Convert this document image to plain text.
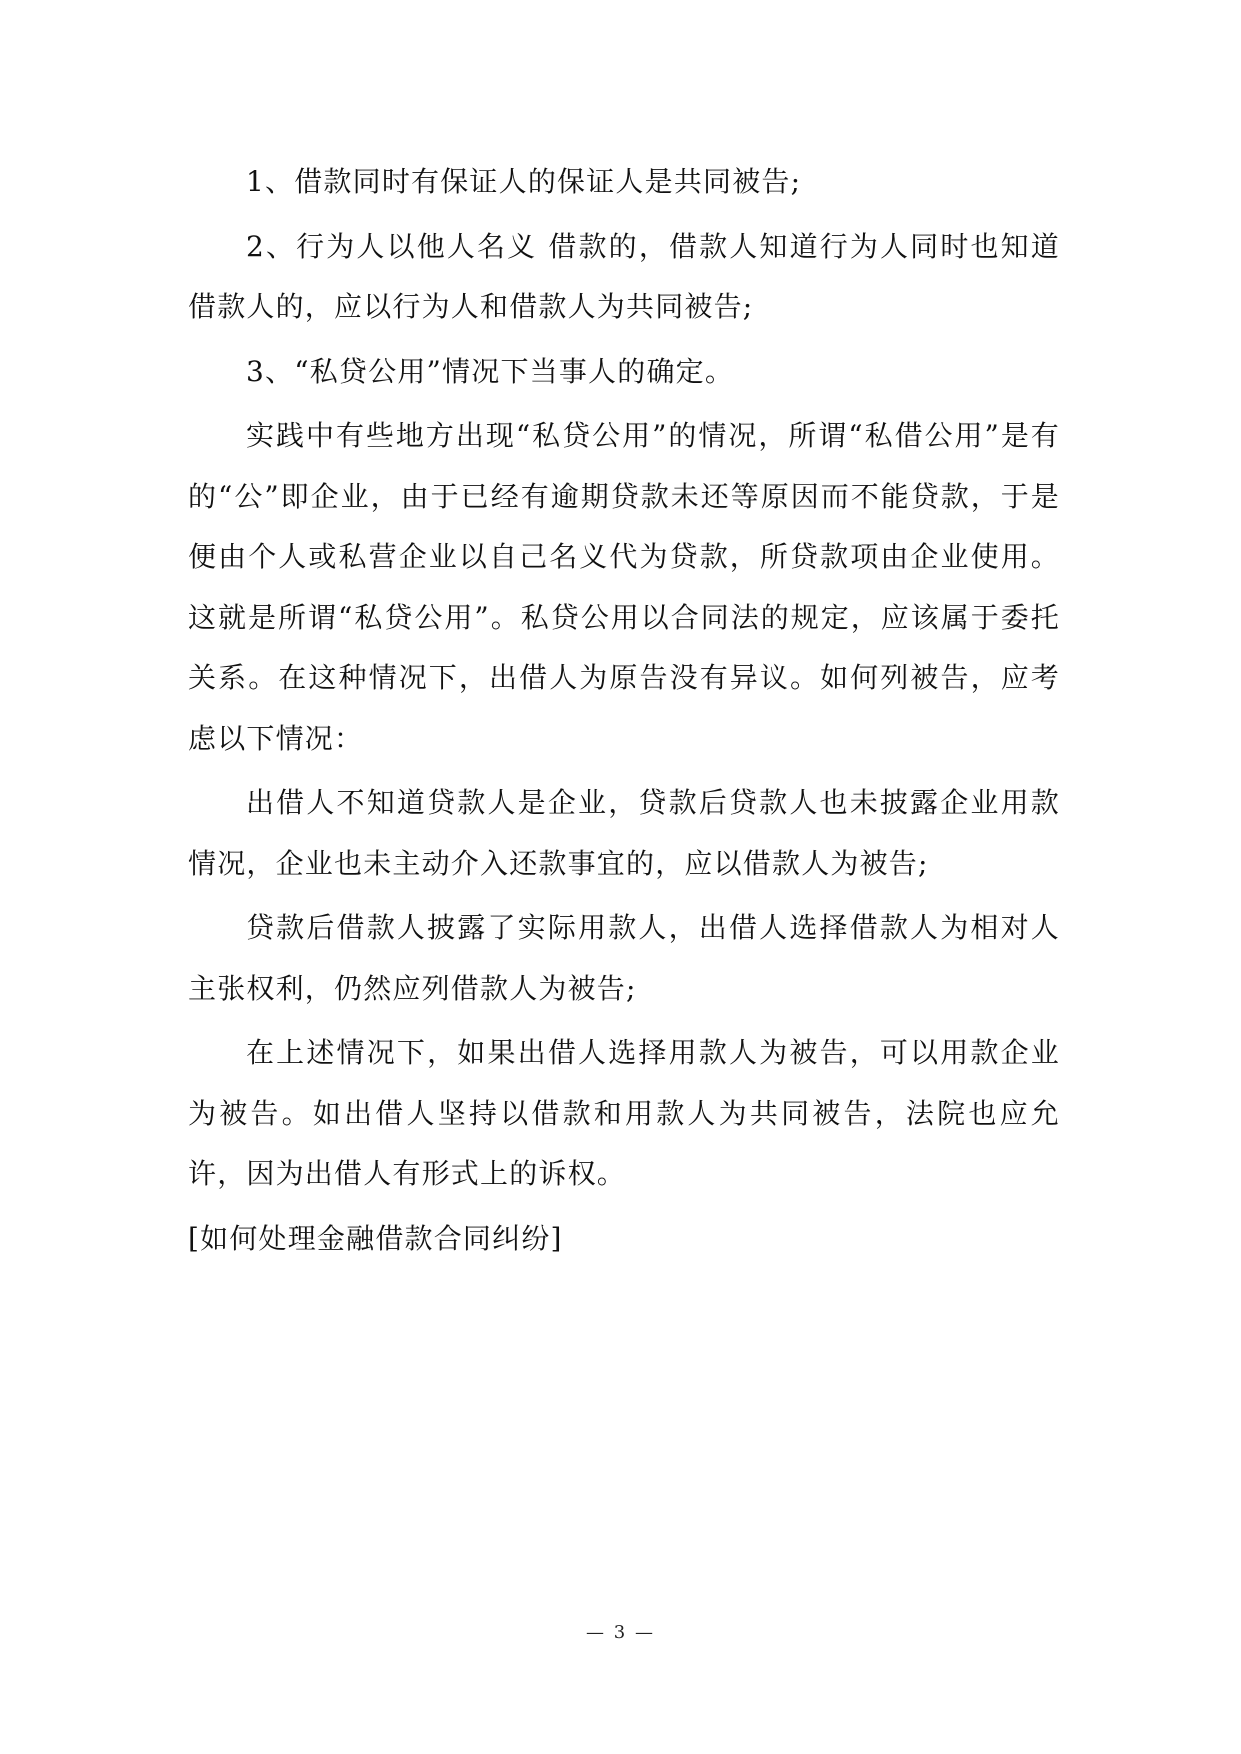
1、借款同时有保证人的保证人是共同被告;

2、行为人以他人名义 借款的，借款人知道行为人同时也知道借款人的，应以行为人和借款人为共同被告;

3、“私贷公用”情况下当事人的确定。

实践中有些地方出现“私贷公用”的情况，所谓“私借公用”是有的“公”即企业，由于已经有逾期贷款未还等原因而不能贷款，于是便由个人或私营企业以自己名义代为贷款，所贷款项由企业使用。这就是所谓“私贷公用”。私贷公用以合同法的规定，应该属于委托关系。在这种情况下，出借人为原告没有异议。如何列被告，应考虑以下情况：

出借人不知道贷款人是企业，贷款后贷款人也未披露企业用款情况，企业也未主动介入还款事宜的，应以借款人为被告;

贷款后借款人披露了实际用款人，出借人选择借款人为相对人主张权利，仍然应列借款人为被告;

在上述情况下，如果出借人选择用款人为被告，可以用款企业为被告。如出借人坚持以借款和用款人为共同被告，法院也应允许，因为出借人有形式上的诉权。

[如何处理金融借款合同纠纷]

— 3 —
